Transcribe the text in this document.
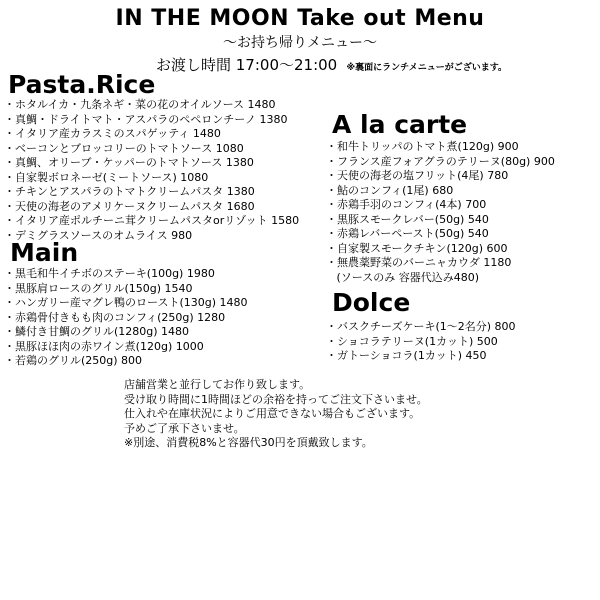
IN THE MOON Take out Menu
〜お持ち帰りメニュー〜
お渡し時間 17:00〜21:00 ※裏面にランチメニューがございます。
Pasta.Rice
・ ホタルイカ・九条ネギ・菜の花のオイルソース 1480
・ 真鯛・ドライトマト・アスパラのペペロンチーノ 1380
・ イタリア産カラスミのスパゲッティ 1480
・ ベーコンとブロッコリーのトマトソース 1080
・ 真鯛、オリーブ・ケッパーのトマトソース 1380
・ 自家製ボロネーゼ(ミートソース) 1080
・ チキンとアスパラのトマトクリームパスタ 1380
・ 天使の海老のアメリケーヌクリームパスタ 1680
・ イタリア産ポルチーニ茸クリームパスタorリゾット 1580
・ デミグラスソースのオムライス 980
Main
・ 黒毛和牛イチボのステーキ(100g) 1980
・ 黒豚肩ロースのグリル(150g) 1540
・ ハンガリー産マグレ鴨のロースト(130g) 1480
・ 赤鶏骨付きもも肉のコンフィ(250g) 1280
・ 鱗付き甘鯛のグリル(1280g) 1480
・ 黒豚ほほ肉の赤ワイン煮(120g) 1000
・ 若鶏のグリル(250g) 800
A la carte
・ 和牛トリッパのトマト煮(120g) 900
・ フランス産フォアグラのテリーヌ(80g) 900
・ 天使の海老の塩フリット(4尾) 780
・ 鮎のコンフィ(1尾) 680
・ 赤鶏手羽のコンフィ(4本) 700
・ 黒豚スモークレバー(50g) 540
・ 赤鶏レバーペースト(50g) 540
・ 自家製スモークチキン(120g) 600
・ 無農薬野菜のバーニャカウダ 1180
(ソースのみ 容器代込み480)
Dolce
・ バスクチーズケーキ(1〜2名分) 800
・ ショコラテリーヌ(1カット) 500
・ ガトーショコラ(1カット) 450
店舗営業と並行してお作り致します。
受け取り時間に1時間ほどの余裕を持ってご注文下さいませ。
仕入れや在庫状況によりご用意できない場合もございます。
予めご了承下さいませ。
※別途、消費税8%と容器代30円を頂戴致します。
